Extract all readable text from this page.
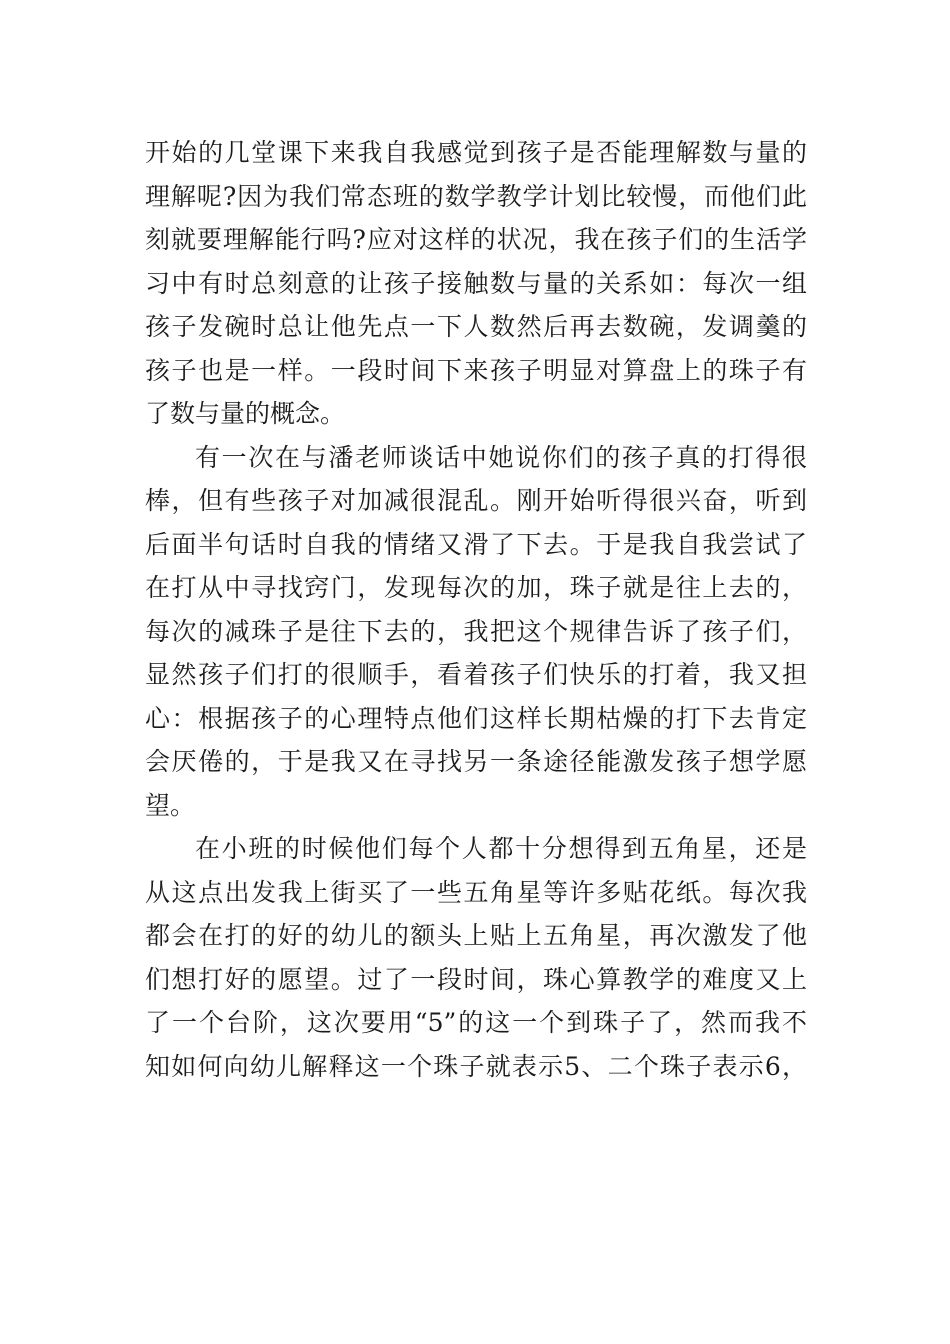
开始的几堂课下来我自我感觉到孩子是否能理解数与量的
理解呢?因为我们常态班的数学教学计划比较慢，而他们此
刻就要理解能行吗?应对这样的状况，我在孩子们的生活学
习中有时总刻意的让孩子接触数与量的关系如：每次一组
孩子发碗时总让他先点一下人数然后再去数碗，发调羹的
孩子也是一样。一段时间下来孩子明显对算盘上的珠子有
了数与量的概念。
有一次在与潘老师谈话中她说你们的孩子真的打得很
棒，但有些孩子对加减很混乱。刚开始听得很兴奋，听到
后面半句话时自我的情绪又滑了下去。于是我自我尝试了
在打从中寻找窍门，发现每次的加，珠子就是往上去的，
每次的减珠子是往下去的，我把这个规律告诉了孩子们，
显然孩子们打的很顺手，看着孩子们快乐的打着，我又担
心：根据孩子的心理特点他们这样长期枯燥的打下去肯定
会厌倦的，于是我又在寻找另一条途径能激发孩子想学愿
望。
在小班的时候他们每个人都十分想得到五角星，还是
从这点出发我上街买了一些五角星等许多贴花纸。每次我
都会在打的好的幼儿的额头上贴上五角星，再次激发了他
们想打好的愿望。过了一段时间，珠心算教学的难度又上
了一个台阶，这次要用“5”的这一个到珠子了，然而我不
知如何向幼儿解释这一个珠子就表示5、二个珠子表示6，
